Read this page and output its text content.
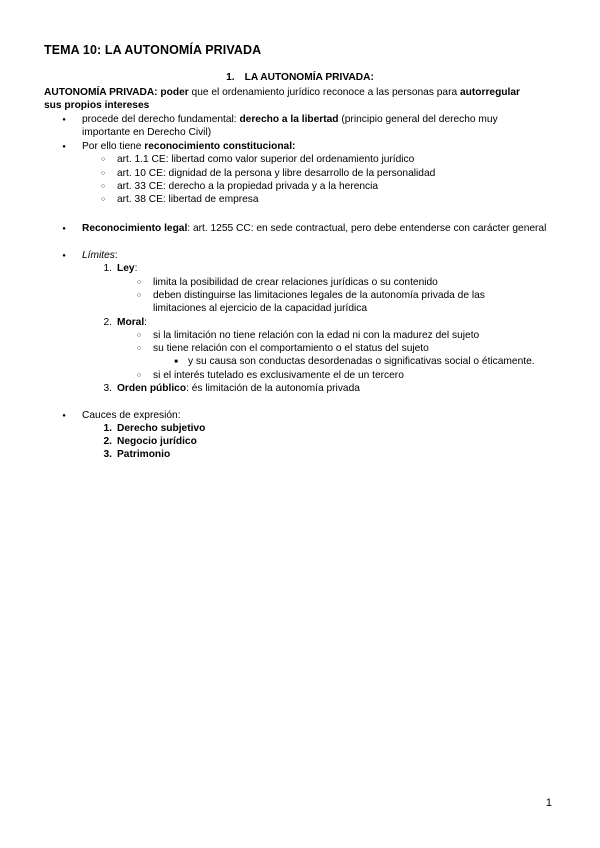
TEMA 10: LA AUTONOMÍA PRIVADA
1. LA AUTONOMÍA PRIVADA:
AUTONOMÍA PRIVADA: poder que el ordenamiento jurídico reconoce a las personas para autorregular
sus propios intereses
●
procede del derecho fundamental: derecho a la libertad (principio general del derecho muy
importante en Derecho Civil)
●
Por ello tiene reconocimiento constitucional:
○
art. 1.1 CE: libertad como valor superior del ordenamiento jurídico
○
art. 10 CE: dignidad de la persona y libre desarrollo de la personalidad
○
art. 33 CE: derecho a la propiedad privada y a la herencia
○
art. 38 CE: libertad de empresa
●
Reconocimiento legal: art. 1255 CC: en sede contractual, pero debe entenderse con carácter general
●
Límites:
1. Ley:
○
limita la posibilidad de crear relaciones jurídicas o su contenido
○
deben distinguirse las limitaciones legales de la autonomía privada de las
limitaciones al ejercicio de la capacidad jurídica
2. Moral:
○
si la limitación no tiene relación con la edad ni con la madurez del sujeto
○
su tiene relación con el comportamiento o el status del sujeto
■
y su causa son conductas desordenadas o significativas social o éticamente.
○
si el interés tutelado es exclusivamente el de un tercero
3. Orden público: és limitación de la autonomía privada
●
Cauces de expresión:
1. Derecho subjetivo
2. Negocio jurídico
3. Patrimonio
1
